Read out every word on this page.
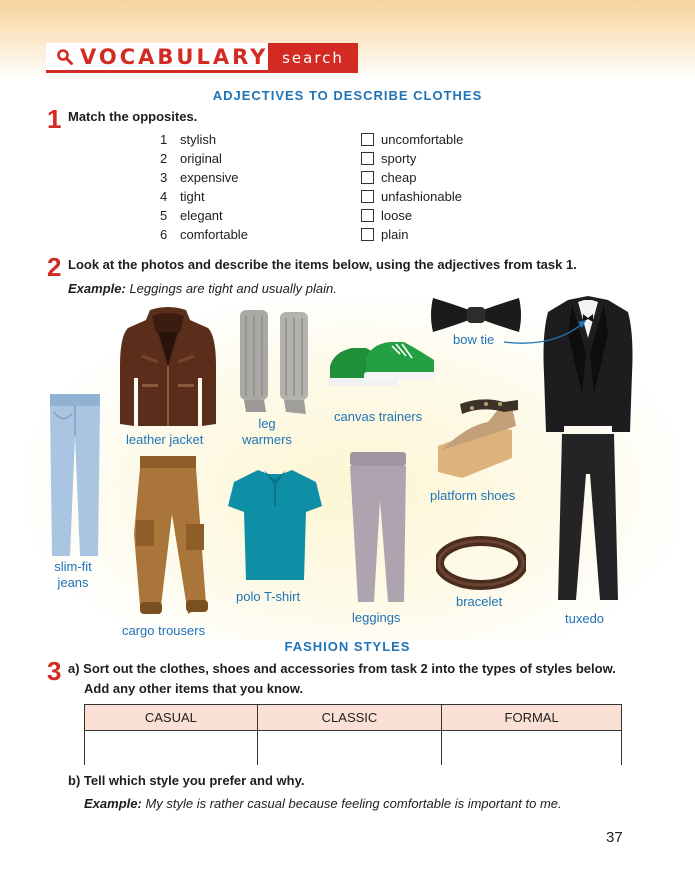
VOCABULARY search
ADJECTIVES TO DESCRIBE CLOTHES
1 Match the opposites.
1 stylish
2 original
3 expensive
4 tight
5 elegant
6 comfortable
uncomfortable
sporty
cheap
unfashionable
loose
plain
2 Look at the photos and describe the items below, using the adjectives from task 1.
Example: Leggings are tight and usually plain.
bow tie
leather jacket
leg
warmers
canvas trainers
platform shoes
slim-fit
jeans
polo T-shirt
leggings
bracelet
tuxedo
cargo trousers
FASHION STYLES
3 a) Sort out the clothes, shoes and accessories from task 2 into the types of styles below.
Add any other items that you know.
CASUAL	CLASSIC	FORMAL

b) Tell which style you prefer and why.
Example: My style is rather casual because feeling comfortable is important to me.
37
